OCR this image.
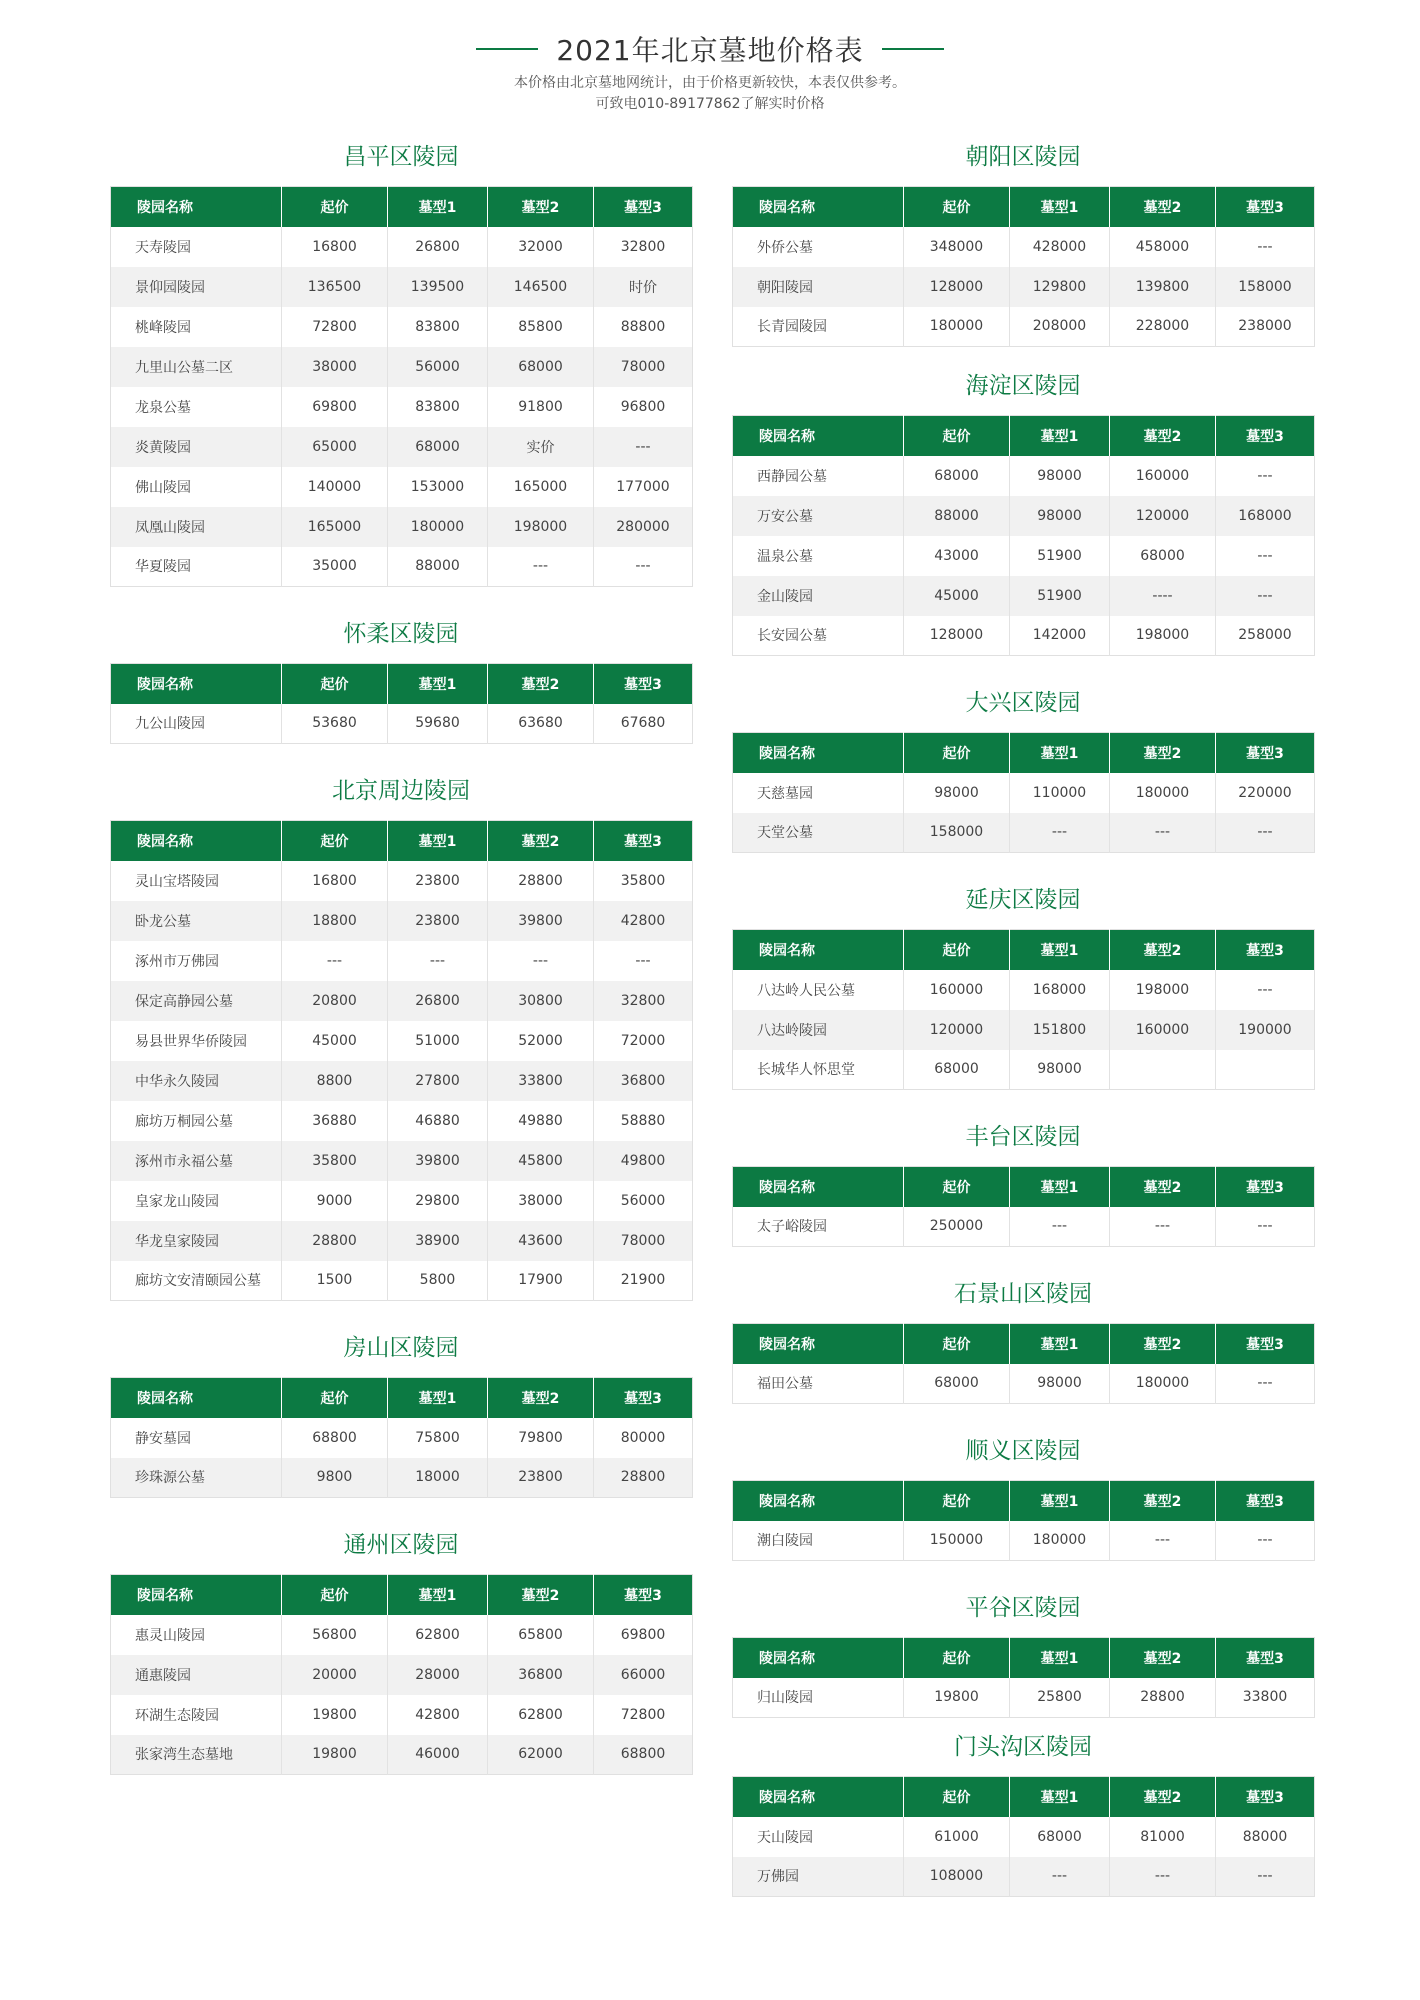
2021年北京墓地价格表
本价格由北京墓地网统计，由于价格更新较快，本表仅供参考。
可致电010-89177862了解实时价格
昌平区陵园
陵园名称	起价	墓型1	墓型2	墓型3
天寿陵园	16800	26800	32000	32800
景仰园陵园	136500	139500	146500	时价
桃峰陵园	72800	83800	85800	88800
九里山公墓二区	38000	56000	68000	78000
龙泉公墓	69800	83800	91800	96800
炎黄陵园	65000	68000	实价	---
佛山陵园	140000	153000	165000	177000
凤凰山陵园	165000	180000	198000	280000
华夏陵园	35000	88000	---	---
怀柔区陵园
陵园名称	起价	墓型1	墓型2	墓型3
九公山陵园	53680	59680	63680	67680
北京周边陵园
陵园名称	起价	墓型1	墓型2	墓型3
灵山宝塔陵园	16800	23800	28800	35800
卧龙公墓	18800	23800	39800	42800
涿州市万佛园	---	---	---	---
保定高静园公墓	20800	26800	30800	32800
易县世界华侨陵园	45000	51000	52000	72000
中华永久陵园	8800	27800	33800	36800
廊坊万桐园公墓	36880	46880	49880	58880
涿州市永福公墓	35800	39800	45800	49800
皇家龙山陵园	9000	29800	38000	56000
华龙皇家陵园	28800	38900	43600	78000
廊坊文安清颐园公墓	1500	5800	17900	21900
房山区陵园
陵园名称	起价	墓型1	墓型2	墓型3
静安墓园	68800	75800	79800	80000
珍珠源公墓	9800	18000	23800	28800
通州区陵园
陵园名称	起价	墓型1	墓型2	墓型3
惠灵山陵园	56800	62800	65800	69800
通惠陵园	20000	28000	36800	66000
环湖生态陵园	19800	42800	62800	72800
张家湾生态墓地	19800	46000	62000	68800
朝阳区陵园
陵园名称	起价	墓型1	墓型2	墓型3
外侨公墓	348000	428000	458000	---
朝阳陵园	128000	129800	139800	158000
长青园陵园	180000	208000	228000	238000
海淀区陵园
陵园名称	起价	墓型1	墓型2	墓型3
西静园公墓	68000	98000	160000	---
万安公墓	88000	98000	120000	168000
温泉公墓	43000	51900	68000	---
金山陵园	45000	51900	----	---
长安园公墓	128000	142000	198000	258000
大兴区陵园
陵园名称	起价	墓型1	墓型2	墓型3
天慈墓园	98000	110000	180000	220000
天堂公墓	158000	---	---	---
延庆区陵园
陵园名称	起价	墓型1	墓型2	墓型3
八达岭人民公墓	160000	168000	198000	---
八达岭陵园	120000	151800	160000	190000
长城华人怀思堂	68000	98000		
丰台区陵园
陵园名称	起价	墓型1	墓型2	墓型3
太子峪陵园	250000	---	---	---
石景山区陵园
陵园名称	起价	墓型1	墓型2	墓型3
福田公墓	68000	98000	180000	---
顺义区陵园
陵园名称	起价	墓型1	墓型2	墓型3
潮白陵园	150000	180000	---	---
平谷区陵园
陵园名称	起价	墓型1	墓型2	墓型3
归山陵园	19800	25800	28800	33800
门头沟区陵园
陵园名称	起价	墓型1	墓型2	墓型3
天山陵园	61000	68000	81000	88000
万佛园	108000	---	---	---
